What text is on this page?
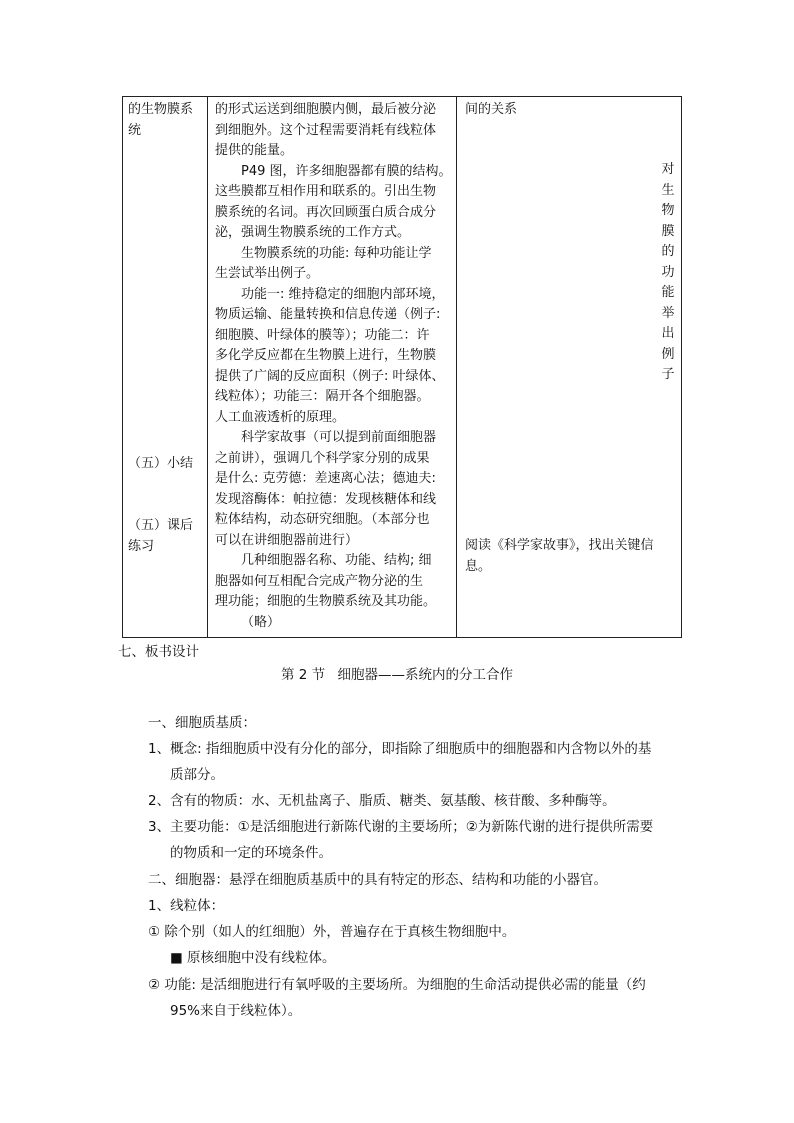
的生物膜系
统
（五）小结
（五）课后
练习
的形式运送到细胞膜内侧，最后被分泌
到细胞外。这个过程需要消耗有线粒体
提供的能量。
P49 图，许多细胞器都有膜的结构。
这些膜都互相作用和联系的。引出生物
膜系统的名词。再次回顾蛋白质合成分
泌，强调生物膜系统的工作方式。
生物膜系统的功能: 每种功能让学
生尝试举出例子。
功能一: 维持稳定的细胞内部环境，
物质运输、能量转换和信息传递（例子:
细胞膜、叶绿体的膜等）；功能二：许
多化学反应都在生物膜上进行，生物膜
提供了广阔的反应面积（例子: 叶绿体、
线粒体）；功能三：隔开各个细胞器。
人工血液透析的原理。
科学家故事（可以提到前面细胞器
之前讲），强调几个科学家分别的成果
是什么: 克劳德：差速离心法；德迪夫:
发现溶酶体：帕拉德：发现核糖体和线
粒体结构，动态研究细胞。（本部分也
可以在讲细胞器前进行）
几种细胞器名称、功能、结构; 细
胞器如何互相配合完成产物分泌的生
理功能；细胞的生物膜系统及其功能。
（略）
间的关系
对
生
物
膜
的
功
能
举
出
例
子
阅读《科学家故事》，找出关键信
息。
七、板书设计
第 2 节 细胞器——系统内的分工合作
一、细胞质基质：
1、概念: 指细胞质中没有分化的部分，即指除了细胞质中的细胞器和内含物以外的基
质部分。
2、含有的物质：水、无机盐离子、脂质、糖类、氨基酸、核苷酸、多种酶等。
3、主要功能：①是活细胞进行新陈代谢的主要场所；②为新陈代谢的进行提供所需要
的物质和一定的环境条件。
二、细胞器：悬浮在细胞质基质中的具有特定的形态、结构和功能的小器官。
1、线粒体：
① 除个别（如人的红细胞）外，普遍存在于真核生物细胞中。
■ 原核细胞中没有线粒体。
② 功能: 是活细胞进行有氧呼吸的主要场所。为细胞的生命活动提供必需的能量（约
95%来自于线粒体）。
